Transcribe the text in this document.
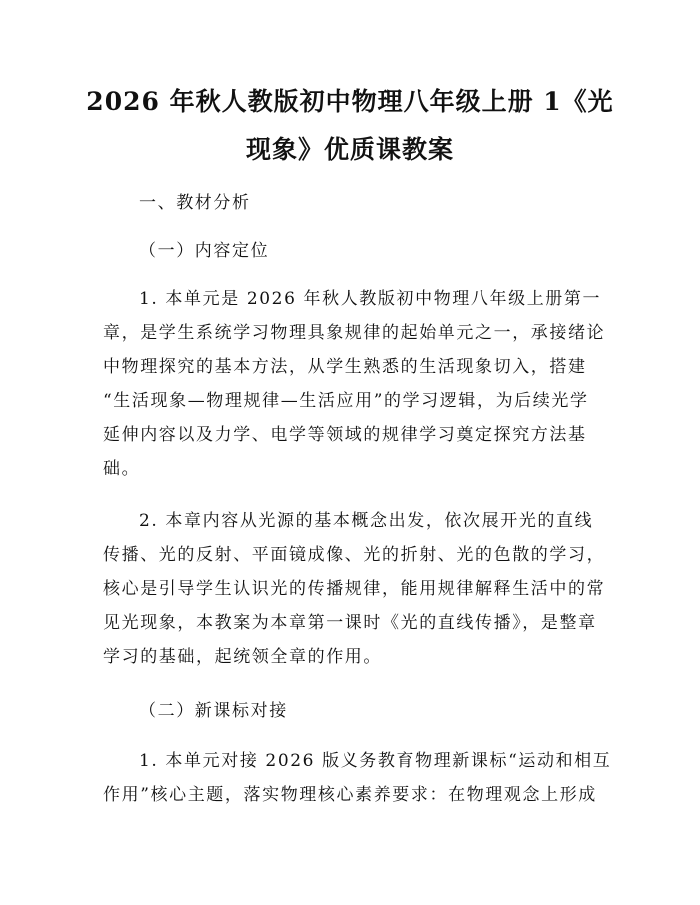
2026 年秋人教版初中物理八年级上册 1《光
现象》优质课教案
一、教材分析
（一）内容定位
1. 本单元是 2026 年秋人教版初中物理八年级上册第一
章，是学生系统学习物理具象规律的起始单元之一，承接绪论
中物理探究的基本方法，从学生熟悉的生活现象切入，搭建
“生活现象—物理规律—生活应用”的学习逻辑，为后续光学
延伸内容以及力学、电学等领域的规律学习奠定探究方法基
础。
2. 本章内容从光源的基本概念出发，依次展开光的直线
传播、光的反射、平面镜成像、光的折射、光的色散的学习，
核心是引导学生认识光的传播规律，能用规律解释生活中的常
见光现象，本教案为本章第一课时《光的直线传播》，是整章
学习的基础，起统领全章的作用。
（二）新课标对接
1. 本单元对接 2026 版义务教育物理新课标“运动和相互
作用”核心主题，落实物理核心素养要求：在物理观念上形成
